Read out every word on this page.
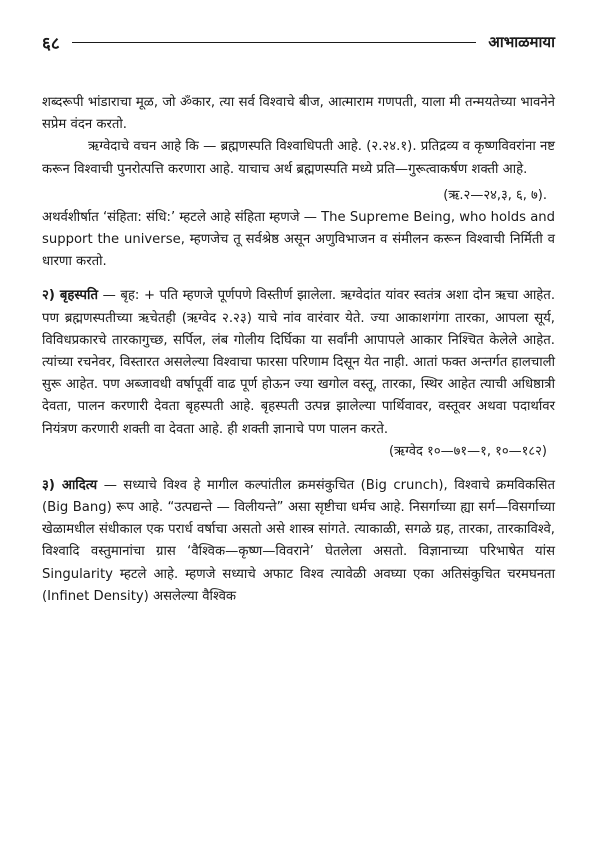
६८	आभाळमाया

शब्दरूपी भांडाराचा मूळ, जो ॐकार, त्या सर्व विश्वाचे बीज, आत्माराम गणपती, याला मी तन्मयतेच्या भावनेने सप्रेम वंदन करतो.

ऋग्वेदाचे वचन आहे कि — ब्रह्मणस्पति विश्वाधिपती आहे. (२.२४.१). प्रतिद्रव्य व कृष्णविवरांना नष्ट करून विश्वाची पुनरोत्पत्ति करणारा आहे. याचाच अर्थ ब्रह्मणस्पति मध्ये प्रति—गुरूत्वाकर्षण शक्ती आहे.

(ऋ.२—२४,३, ६, ७).

अथर्वशीर्षात ‘संहिता: संधि:’ म्हटले आहे संहिता म्हणजे — The Supreme Being, who holds and support the universe, म्हणजेच तू सर्वश्रेष्ठ असून अणुविभाजन व संमीलन करून विश्वाची निर्मिती व धारणा करतो.

२) बृहस्पति — बृह: + पति म्हणजे पूर्णपणे विस्तीर्ण झालेला. ऋग्वेदांत यांवर स्वतंत्र अशा दोन ऋचा आहेत. पण ब्रह्मणस्पतीच्या ऋचेतही (ऋग्वेद २.२३) याचे नांव वारंवार येते. ज्या आकाशगंगा तारका, आपला सूर्य, विविधप्रकारचे तारकागुच्छ, सर्पिल, लंब गोलीय दिर्घिका या सर्वांनी आपापले आकार निश्चित केलेले आहेत. त्यांच्या रचनेवर, विस्तारत असलेल्या विश्वाचा फारसा परिणाम दिसून येत नाही. आतां फक्त अन्तर्गत हालचाली सुरू आहेत. पण अब्जावधी वर्षापूर्वी वाढ पूर्ण होऊन ज्या खगोल वस्तू, तारका, स्थिर आहेत त्याची अधिष्ठात्री देवता, पालन करणारी देवता बृहस्पती आहे. बृहस्पती उत्पन्न झालेल्या पार्थिवावर, वस्तूवर अथवा पदार्थावर नियंत्रण करणारी शक्ती वा देवता आहे. ही शक्ती ज्ञानाचे पण पालन करते.

(ऋग्वेद १०—७१—१, १०—१८२)

३) आदित्य — सध्याचे विश्व हे मागील कल्पांतील क्रमसंकुचित (Big crunch), विश्वाचे क्रमविकसित (Big Bang) रूप आहे. “उत्पद्यन्ते — विलीयन्ते” असा सृष्टीचा धर्मच आहे. निसर्गाच्या ह्या सर्ग—विसर्गाच्या खेळामधील संधीकाल एक परार्ध वर्षाचा असतो असे शास्त्र सांगते. त्याकाळी, सगळे ग्रह, तारका, तारकाविश्वे, विश्वादि वस्तुमानांचा ग्रास ‘वैश्विक—कृष्ण—विवराने’ घेतलेला असतो. विज्ञानाच्या परिभाषेत यांस Singularity म्हटले आहे. म्हणजे सध्याचे अफाट विश्व त्यावेळी अवघ्या एका अतिसंकुचित चरमघनता (Infinet Density) असलेल्या वैश्विक
